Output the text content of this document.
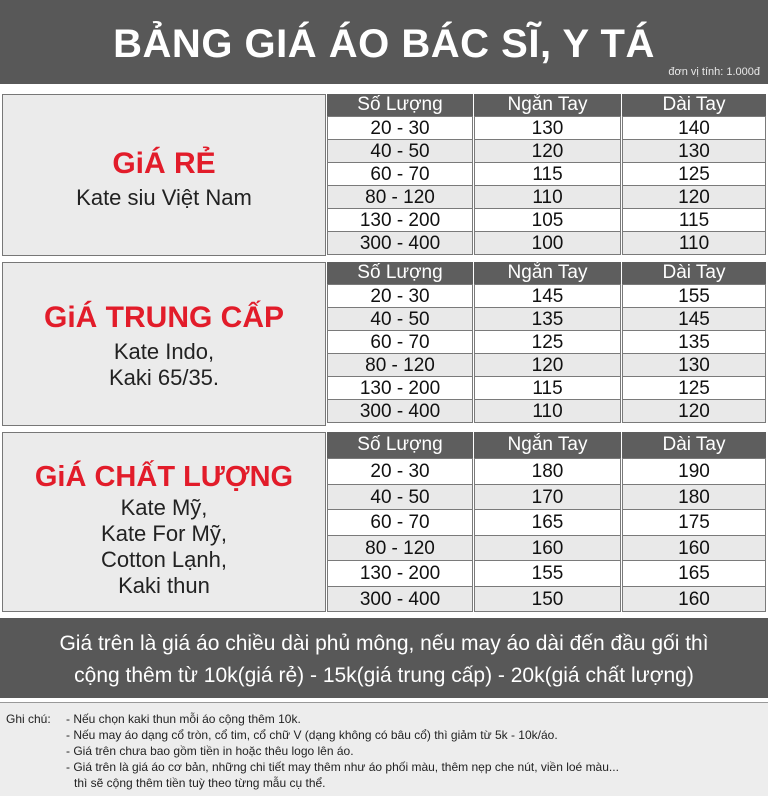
BẢNG GIÁ ÁO BÁC SĨ, Y TÁ
đơn vị tính: 1.000đ
GiÁ RẺ
Kate siu Việt Nam
Số Lượng	Ngắn Tay	Dài Tay
20 - 30	130	140
40 - 50	120	130
60 - 70	115	125
80 - 120	110	120
130 - 200	105	115
300 - 400	100	110
GiÁ TRUNG CẤP
Kate Indo,
Kaki 65/35.
Số Lượng	Ngắn Tay	Dài Tay
20 - 30	145	155
40 - 50	135	145
60 - 70	125	135
80 - 120	120	130
130 - 200	115	125
300 - 400	110	120
GiÁ CHẤT LƯỢNG
Kate Mỹ,
Kate For Mỹ,
Cotton Lạnh,
Kaki thun
Số Lượng	Ngắn Tay	Dài Tay
20 - 30	180	190
40 - 50	170	180
60 - 70	165	175
80 - 120	160	160
130 - 200	155	165
300 - 400	150	160
Giá trên là giá áo chiều dài phủ mông, nếu may áo dài đến đầu gối thì
cộng thêm từ 10k(giá rẻ) - 15k(giá trung cấp) - 20k(giá chất lượng)
Ghi chú: - Nếu chọn kaki thun mỗi áo cộng thêm 10k.
- Nếu may áo dạng cổ tròn, cổ tim, cổ chữ V (dạng không có bâu cổ) thì giảm từ 5k - 10k/áo.
- Giá trên chưa bao gồm tiền in hoặc thêu logo lên áo.
- Giá trên là giá áo cơ bản, những chi tiết may thêm như áo phối màu, thêm nẹp che nút, viền loé màu...
thì sẽ cộng thêm tiền tuỳ theo từng mẫu cụ thể.
